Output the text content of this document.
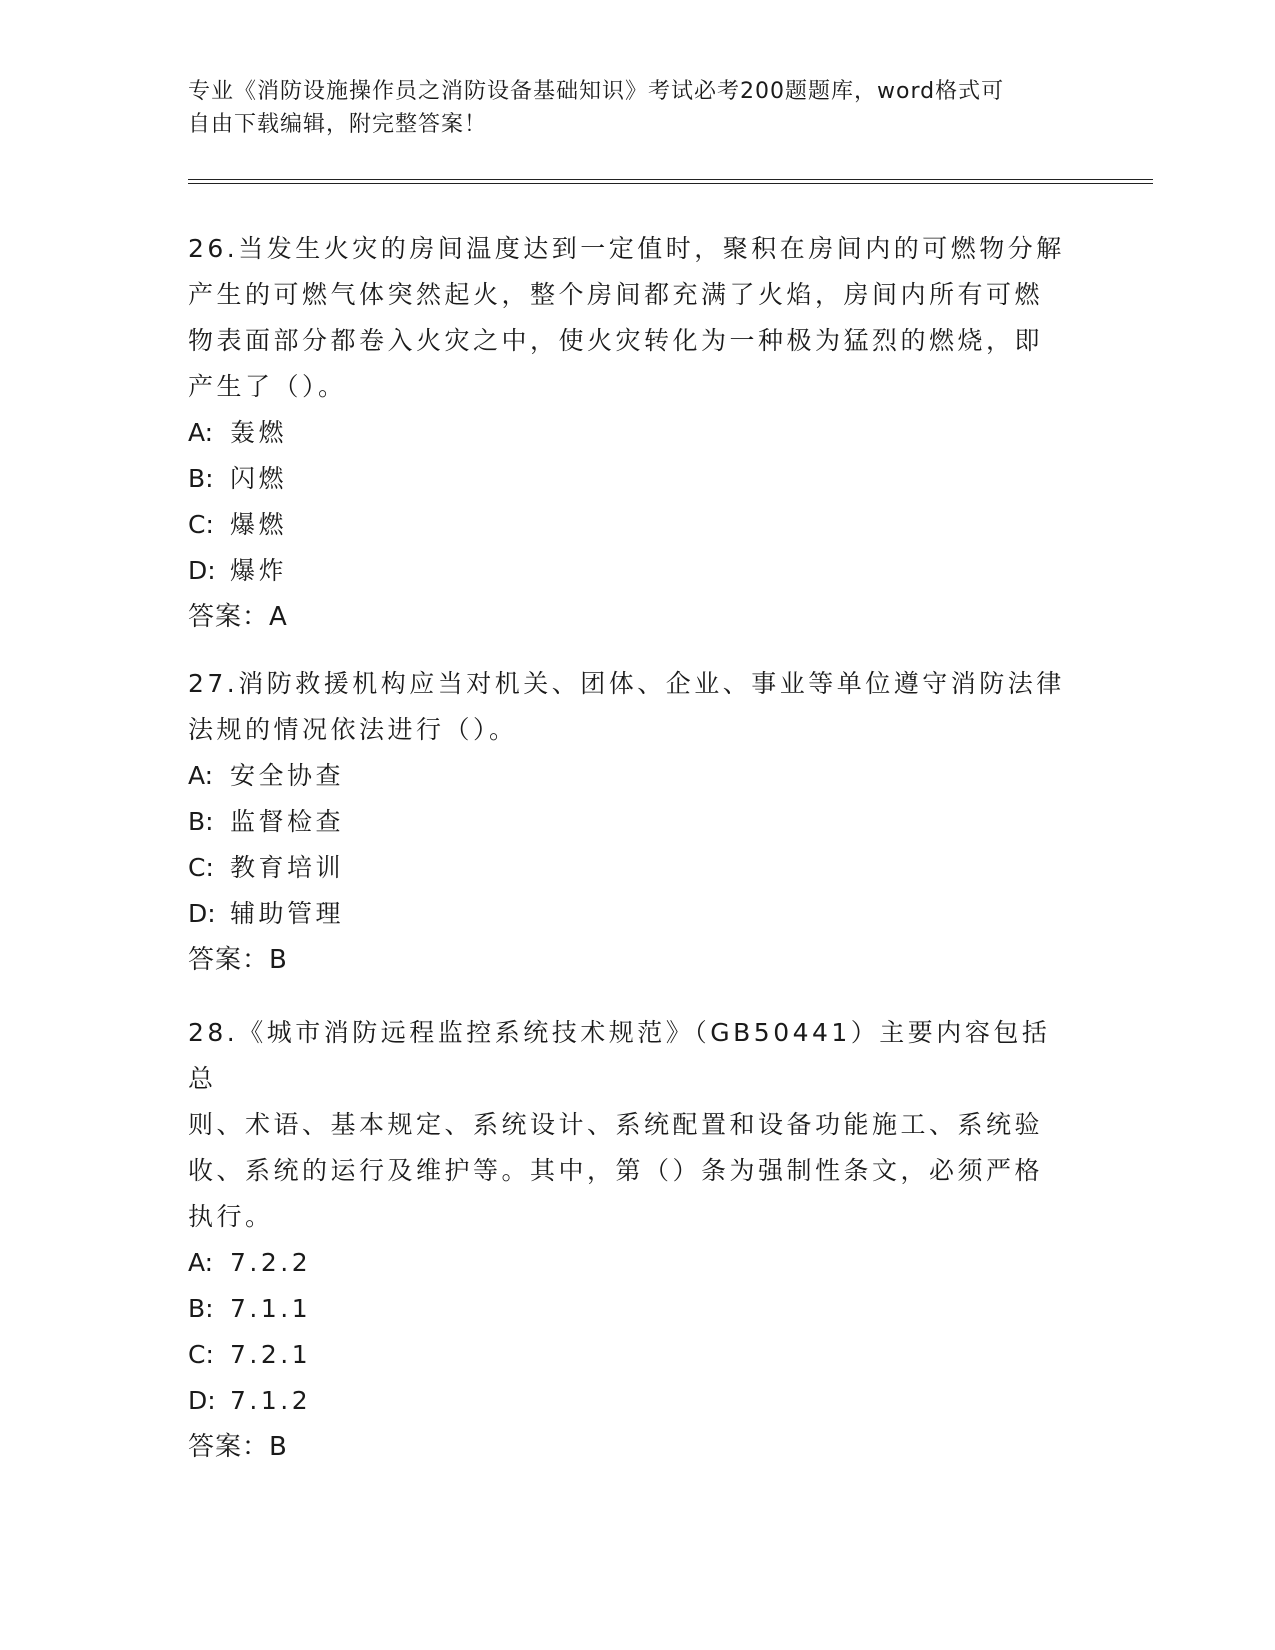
专业《消防设施操作员之消防设备基础知识》考试必考200题题库，word格式可
自由下载编辑，附完整答案！

26.当发生火灾的房间温度达到一定值时，聚积在房间内的可燃物分解

产生的可燃气体突然起火，整个房间都充满了火焰，房间内所有可燃

物表面部分都卷入火灾之中，使火灾转化为一种极为猛烈的燃烧，即

产生了（）。

A: 轰燃

B: 闪燃

C: 爆燃

D: 爆炸

答案：A

27.消防救援机构应当对机关、团体、企业、事业等单位遵守消防法律

法规的情况依法进行（）。

A: 安全协查

B: 监督检查

C: 教育培训

D: 辅助管理

答案：B

28.《城市消防远程监控系统技术规范》（GB50441）主要内容包括总

则、术语、基本规定、系统设计、系统配置和设备功能施工、系统验

收、系统的运行及维护等。其中，第（）条为强制性条文，必须严格

执行。

A: 7.2.2

B: 7.1.1

C: 7.2.1

D: 7.1.2

答案：B
